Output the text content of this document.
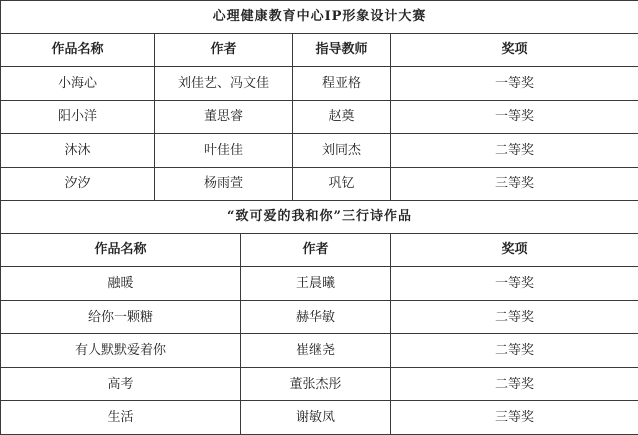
心理健康教育中心IP形象设计大赛				
作品名称	作者		指导教师	奖项
小海心	刘佳艺、冯文佳		程亚格	一等奖
阳小洋	董思睿		赵奠	一等奖
沐沐	叶佳佳		刘同杰	二等奖
汐汐	杨雨萱		巩钇	三等奖
“致可爱的我和你”三行诗作品				
作品名称		作者		奖项
融暖		王晨曦		一等奖
给你一颗糖		赫华敏		二等奖
有人默默爱着你		崔继尧		二等奖
高考		董张杰彤		二等奖
生活		谢敏凤		三等奖
